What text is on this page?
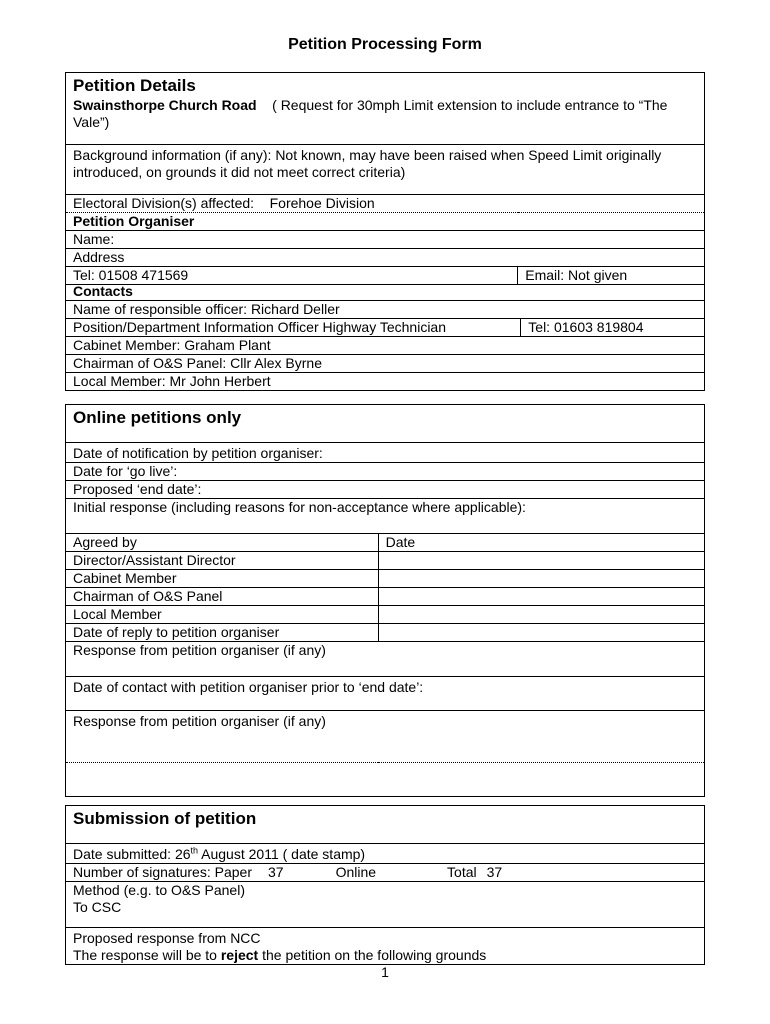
Petition Processing Form
Petition Details
Swainsthorpe Church Road ( Request for 30mph Limit extension to include entrance to “The Vale”)

Background information (if any): Not known, may have been raised when Speed Limit originally introduced, on grounds it did not meet correct criteria)

Electoral Division(s) affected: Forehoe Division
Petition Organiser
Name:
Address
Tel: 01508 471569	Email: Not given
Contacts
Name of responsible officer: Richard Deller
Position/Department Information Officer Highway Technician	Tel: 01603 819804
Cabinet Member: Graham Plant
Chairman of O&S Panel: Cllr Alex Byrne
Local Member: Mr John Herbert
Online petitions only	

Date of notification by petition organiser:	
Date for ‘go live’:	
Proposed ‘end date’:	

Initial response (including reasons for non-acceptance where applicable):	

Agreed by	Date
Director/Assistant Director	
Cabinet Member	
Chairman of O&S Panel	
Local Member	
Date of reply to petition organiser	

Response from petition organiser (if any)	

Date of contact with petition organiser prior to ‘end date’:	

Response from petition organiser (if any)	

Submission of petition

Date submitted: 26th August 2011 ( date stamp)
Number of signatures: Paper 37	Online	Total 37

Method (e.g. to O&S Panel)
To CSC

Proposed response from NCC
The response will be to reject the petition on the following grounds
1
